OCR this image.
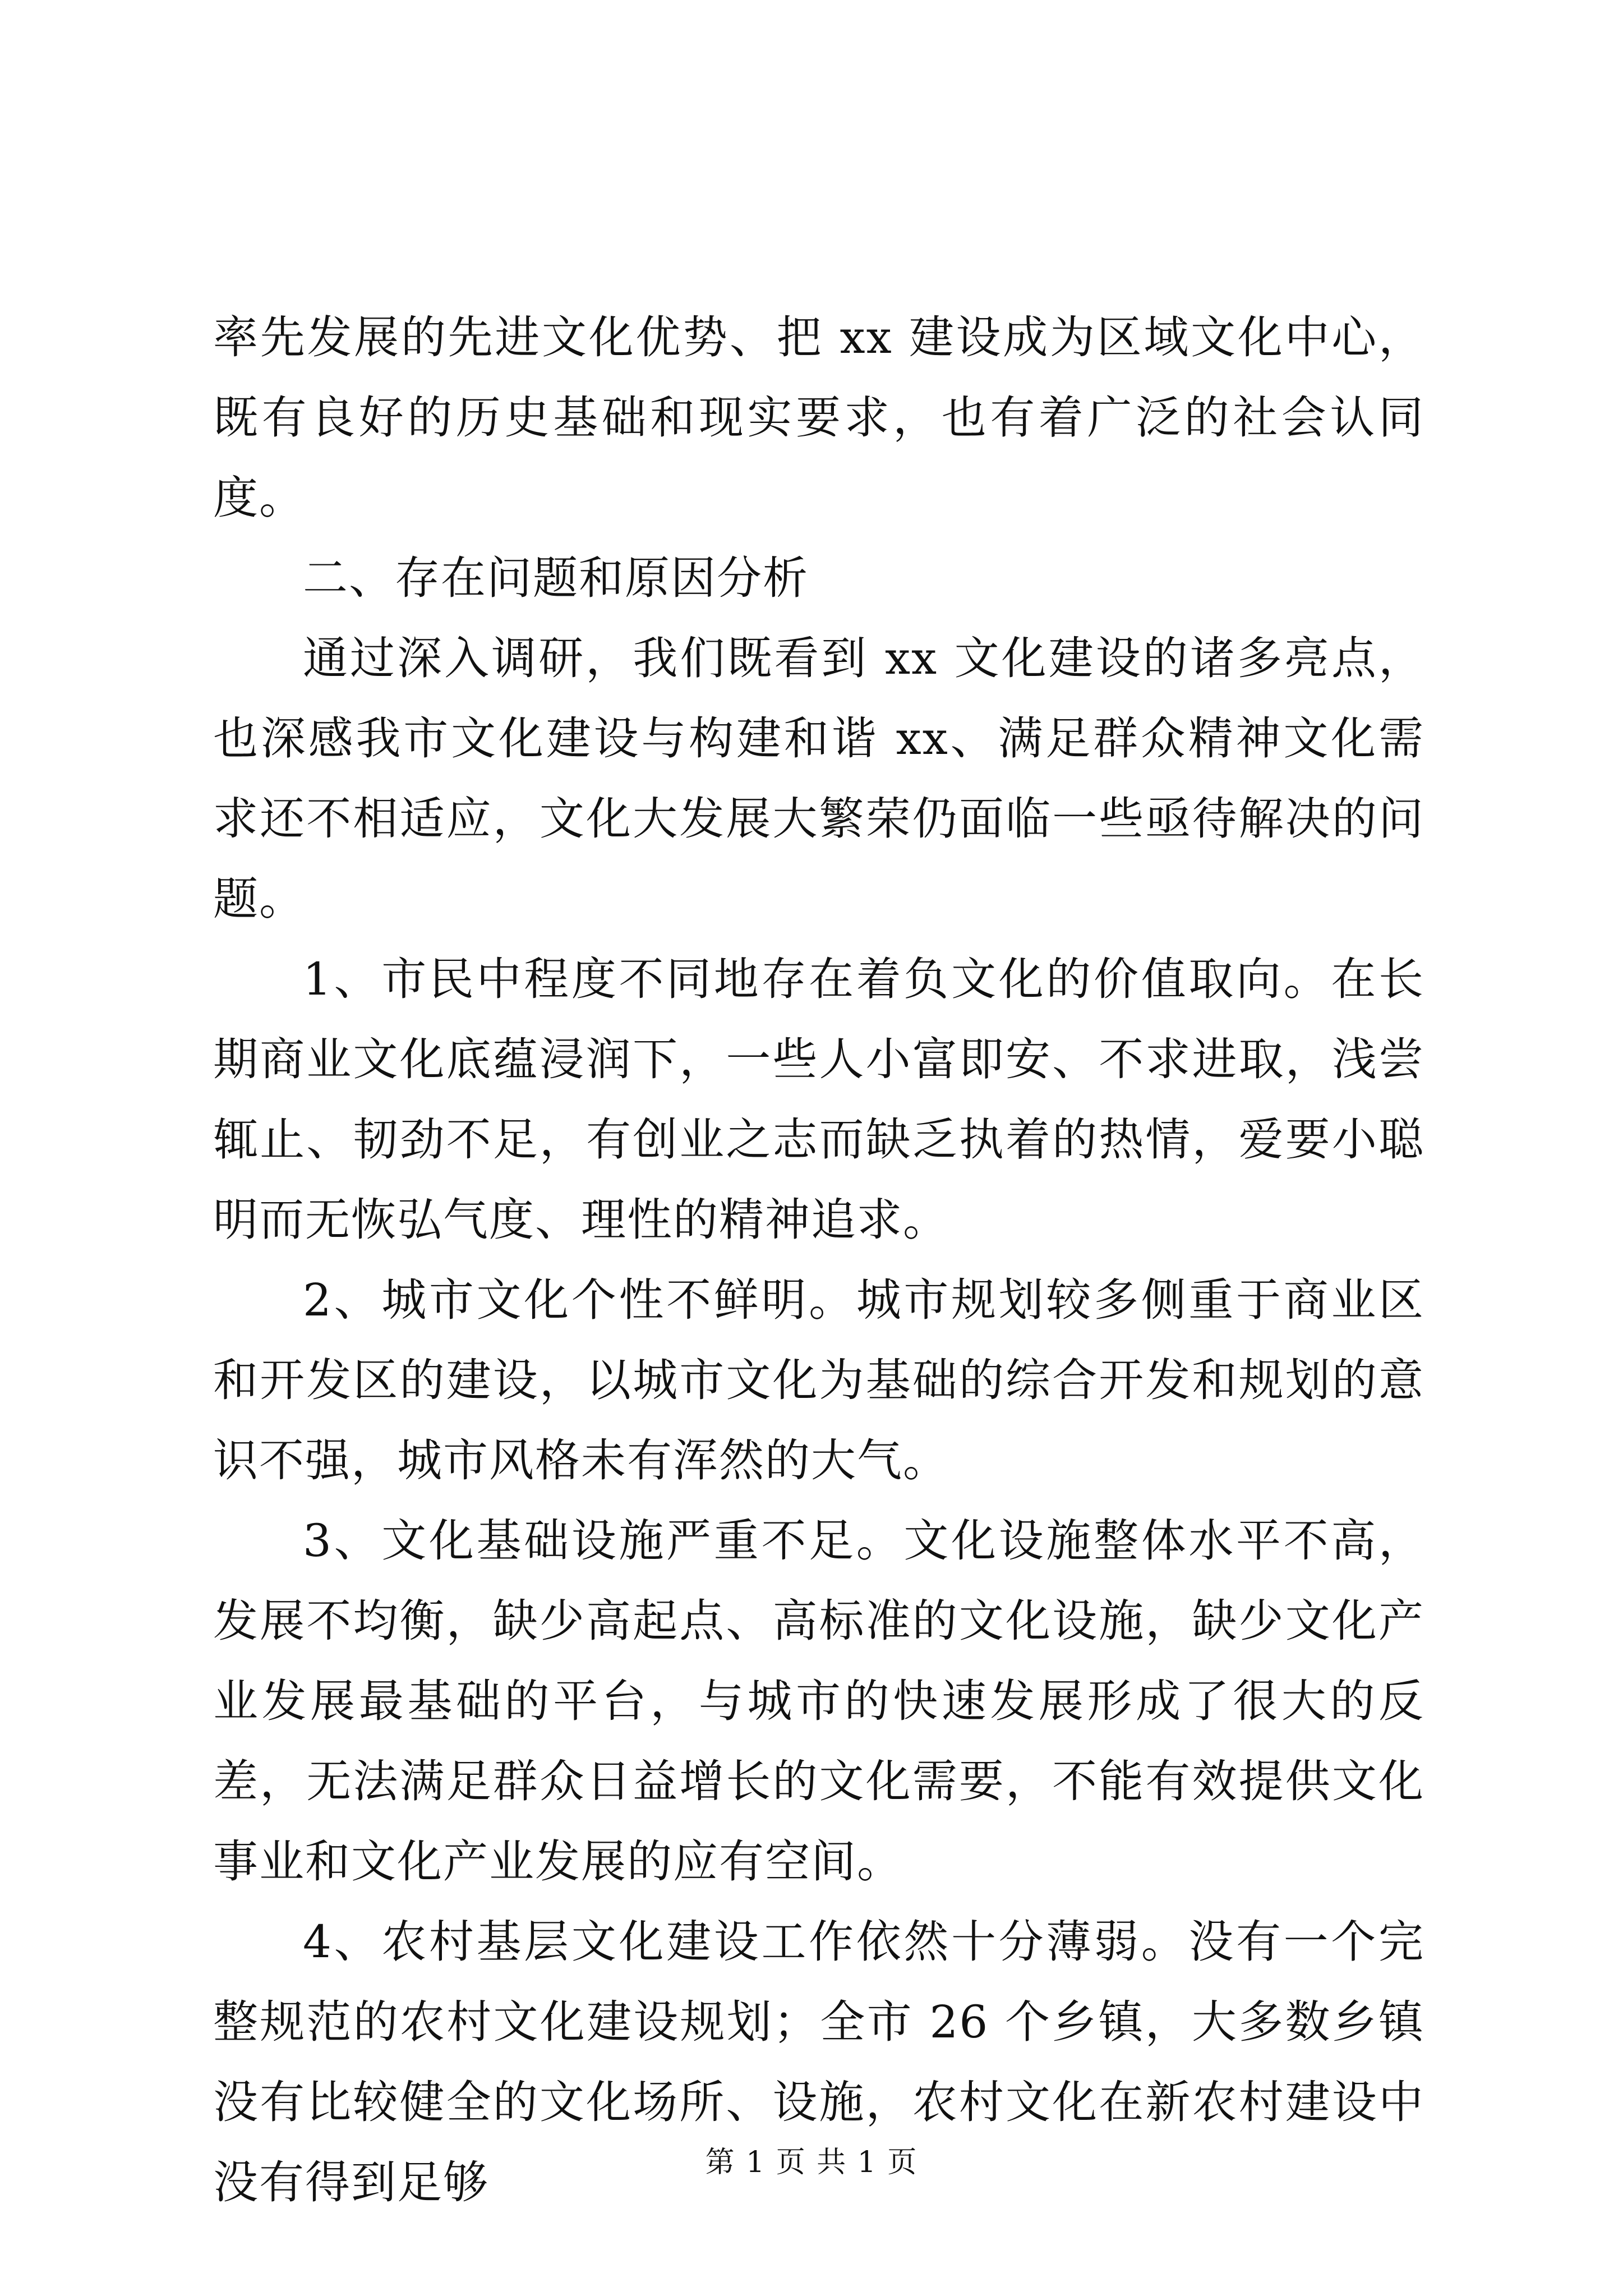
率先发展的先进文化优势、把 xx 建设成为区域文化中心，既有良好的历史基础和现实要求，也有着广泛的社会认同度。

二、存在问题和原因分析

通过深入调研，我们既看到 xx 文化建设的诸多亮点，也深感我市文化建设与构建和谐 xx、满足群众精神文化需求还不相适应，文化大发展大繁荣仍面临一些亟待解决的问题。

1、市民中程度不同地存在着负文化的价值取向。在长期商业文化底蕴浸润下，一些人小富即安、不求进取，浅尝辄止、韧劲不足，有创业之志而缺乏执着的热情，爱要小聪明而无恢弘气度、理性的精神追求。

2、城市文化个性不鲜明。城市规划较多侧重于商业区和开发区的建设，以城市文化为基础的综合开发和规划的意识不强，城市风格未有浑然的大气。

3、文化基础设施严重不足。文化设施整体水平不高，发展不均衡，缺少高起点、高标准的文化设施，缺少文化产业发展最基础的平台，与城市的快速发展形成了很大的反差，无法满足群众日益增长的文化需要，不能有效提供文化事业和文化产业发展的应有空间。

4、农村基层文化建设工作依然十分薄弱。没有一个完整规范的农村文化建设规划；全市 26 个乡镇，大多数乡镇没有比较健全的文化场所、设施，农村文化在新农村建设中没有得到足够	第 1 页 共 1 页
